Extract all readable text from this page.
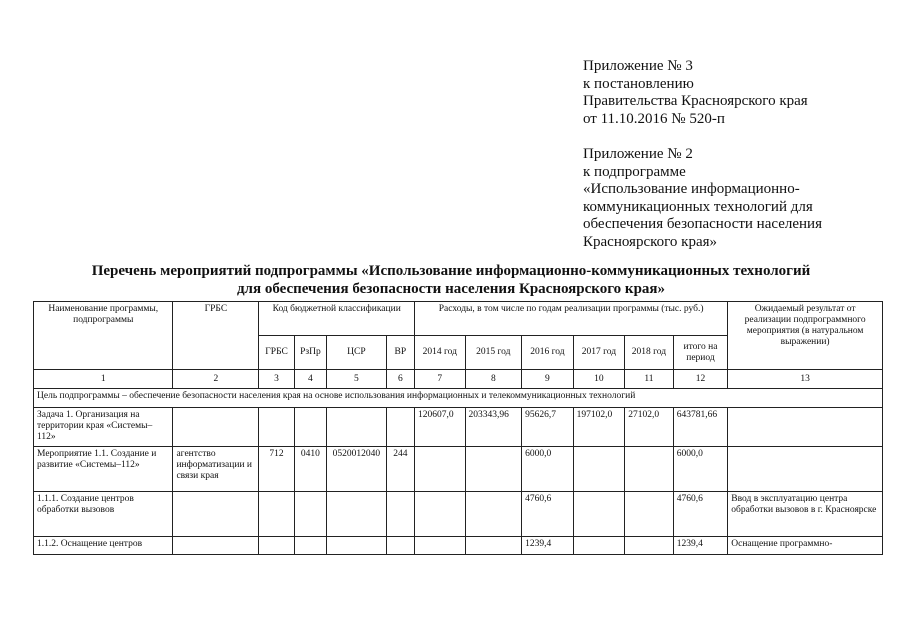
Приложение № 3
к постановлению
Правительства Красноярского края
от 11.10.2016 № 520-п
Приложение № 2
к подпрограмме
«Использование информационно-
коммуникационных технологий для
обеспечения безопасности населения
Красноярского края»
Перечень мероприятий подпрограммы «Использование информационно-коммуникационных технологий
для обеспечения безопасности населения Красноярского края»
Наименование программы, подпрограммы	ГРБС	Код бюджетной классификации				Расходы, в том числе по годам реализации программы (тыс. руб.)						Ожидаемый результат от реализации подпрограммного мероприятия (в натуральном выражении)
		ГРБС	РзПр	ЦСР	ВР	2014 год	2015 год	2016 год	2017 год	2018 год	итого на период	
1	2	3	4	5	6	7	8	9	10	11	12	13
Цель подпрограммы – обеспечение безопасности населения края на основе использования информационных и телекоммуникационных технологий												
Задача 1. Организация на территории края «Системы–112»						120607,0	203343,96	95626,7	197102,0	27102,0	643781,66	
Мероприятие 1.1. Создание и развитие «Системы–112»	агентство информатизации и связи края	712	0410	0520012040	244			6000,0			6000,0	
1.1.1. Создание центров обработки вызовов								4760,6			4760,6	Ввод в эксплуатацию центра обработки вызовов в г. Красноярске
1.1.2. Оснащение центров								1239,4			1239,4	Оснащение программно-
